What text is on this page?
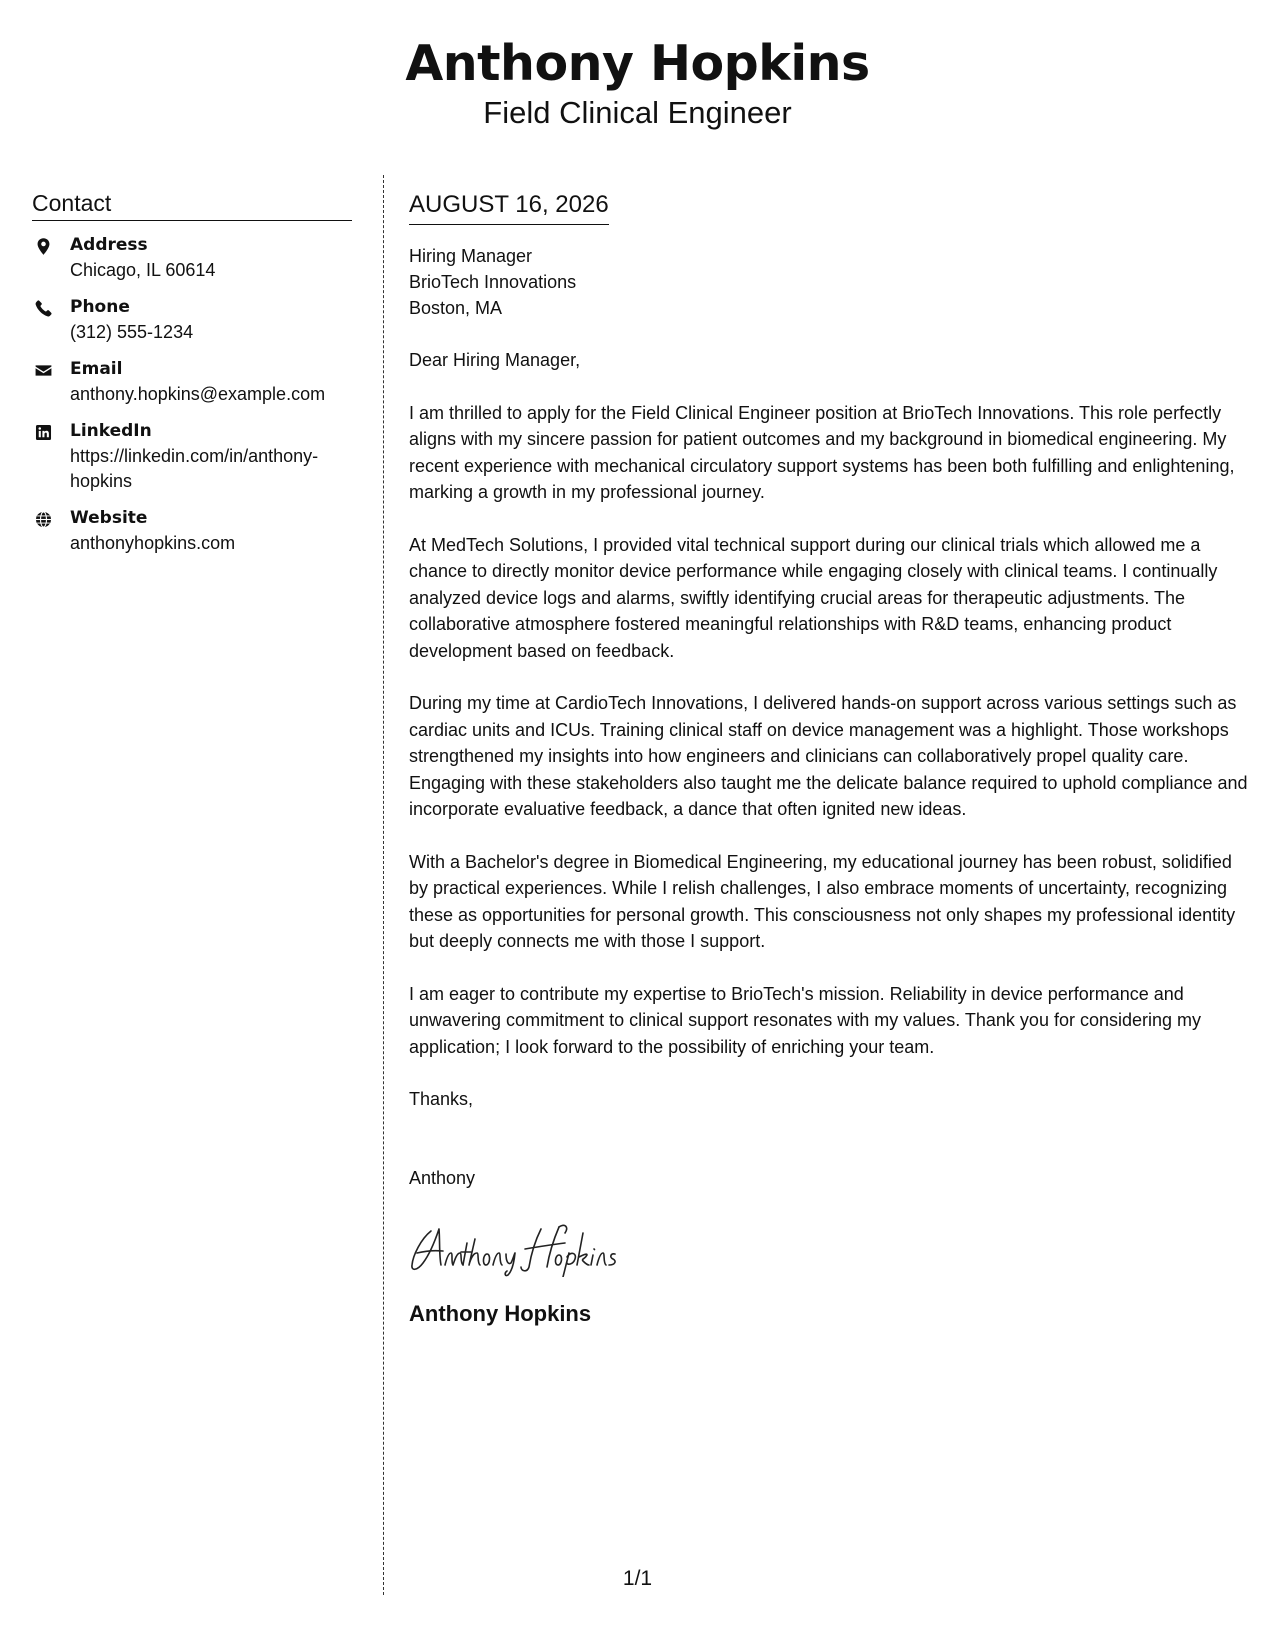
Anthony Hopkins
Field Clinical Engineer
Contact
Address
Chicago, IL 60614
Phone
(312) 555-1234
Email
anthony.hopkins@example.com
LinkedIn
https://linkedin.com/in/anthony-hopkins
Website
anthonyhopkins.com
AUGUST 16, 2026
Hiring Manager
BrioTech Innovations
Boston, MA

Dear Hiring Manager,

I am thrilled to apply for the Field Clinical Engineer position at BrioTech Innovations. This role perfectly aligns with my sincere passion for patient outcomes and my background in biomedical engineering. My recent experience with mechanical circulatory support systems has been both fulfilling and enlightening, marking a growth in my professional journey.

At MedTech Solutions, I provided vital technical support during our clinical trials which allowed me a chance to directly monitor device performance while engaging closely with clinical teams. I continually analyzed device logs and alarms, swiftly identifying crucial areas for therapeutic adjustments. The collaborative atmosphere fostered meaningful relationships with R&D teams, enhancing product development based on feedback.

During my time at CardioTech Innovations, I delivered hands-on support across various settings such as cardiac units and ICUs. Training clinical staff on device management was a highlight. Those workshops strengthened my insights into how engineers and clinicians can collaboratively propel quality care. Engaging with these stakeholders also taught me the delicate balance required to uphold compliance and incorporate evaluative feedback, a dance that often ignited new ideas.

With a Bachelor's degree in Biomedical Engineering, my educational journey has been robust, solidified by practical experiences. While I relish challenges, I also embrace moments of uncertainty, recognizing these as opportunities for personal growth. This consciousness not only shapes my professional identity but deeply connects me with those I support.

I am eager to contribute my expertise to BrioTech's mission. Reliability in device performance and unwavering commitment to clinical support resonates with my values. Thank you for considering my application; I look forward to the possibility of enriching your team.

Thanks,
Anthony
Anthony Hopkins
1/1
